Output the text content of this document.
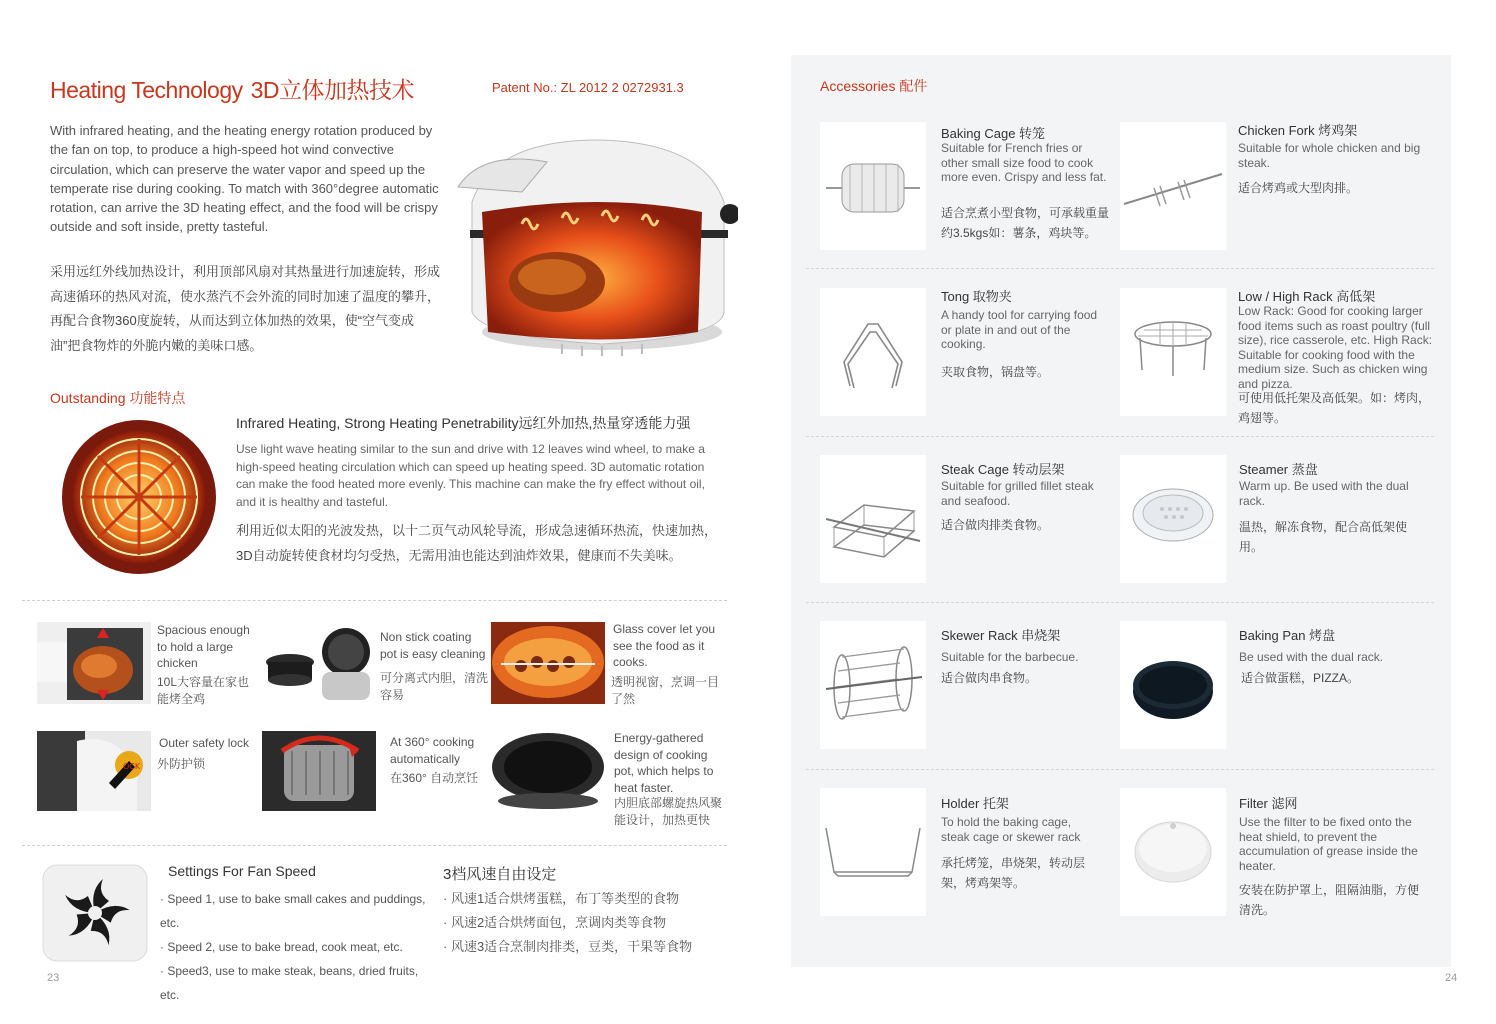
Heating Technology 3D立体加热技术	Patent No.: ZL 2012 2 0272931.3
With infrared heating, and the heating energy rotation produced by the fan on top, to produce a high-speed hot wind convective circulation, which can preserve the water vapor and speed up the temperate rise during cooking. To match with 360°degree automatic rotation, can arrive the 3D heating effect, and the food will be crispy outside and soft inside, pretty tasteful.
采用远红外线加热设计，利用顶部风扇对其热量进行加速旋转，形成高速循环的热风对流，使水蒸汽不会外流的同时加速了温度的攀升，再配合食物360度旋转，从而达到立体加热的效果，使“空气变成油”把食物炸的外脆内嫩的美味口感。
Outstanding 功能特点
Infrared Heating, Strong Heating Penetrability远红外加热,热量穿透能力强
Use light wave heating similar to the sun and drive with 12 leaves wind wheel, to make a high-speed heating circulation which can speed up heating speed. 3D automatic rotation can make the food heated more evenly. This machine can make the fry effect without oil, and it is healthy and tasteful.
利用近似太阳的光波发热，以十二页气动风轮导流，形成急速循环热流，快速加热，3D自动旋转使食材均匀受热，无需用油也能达到油炸效果，健康而不失美味。
Spacious enough to hold a large chicken
10L大容量在家也能烤全鸡
Non stick coating pot is easy cleaning
可分离式内胆，清洗容易
Glass cover let you see the food as it cooks.
透明视窗，烹调一目了然
OCK
Outer safety lock
外防护锁
At 360° cooking automatically
在360° 自动烹饪
Energy-gathered design of cooking pot, which helps to heat faster.
内胆底部螺旋热风聚能设计，加热更快
Settings For Fan Speed	3档风速自由设定
· Speed 1, use to bake small cakes and puddings, etc.
· Speed 2, use to bake bread, cook meat, etc.
· Speed3, use to make steak, beans, dried fruits, etc.
· 风速1适合烘烤蛋糕，布丁等类型的食物
· 风速2适合烘烤面包，烹调肉类等食物
· 风速3适合烹制肉排类，豆类，干果等食物
23
Accessories 配件
Baking Cage 转笼
Suitable for French fries or other small size food to cook more even. Crispy and less fat.
适合烹煮小型食物，可承载重量约3.5kgs如：薯条，鸡块等。
Chicken Fork 烤鸡架
Suitable for whole chicken and big steak.
适合烤鸡或大型肉排。
Tong 取物夹
A handy tool for carrying food or plate in and out of the cooking.
夹取食物，锅盘等。
Low / High Rack 高低架
Low Rack: Good for cooking larger food items such as roast poultry (full size), rice casserole, etc. High Rack: Suitable for cooking food with the medium size. Such as chicken wing and pizza.
可使用低托架及高低架。如：烤肉，鸡翅等。
Steak Cage 转动层架
Suitable for grilled fillet steak and seafood.
适合做肉排类食物。
Steamer 蒸盘
Warm up. Be used with the dual rack.
温热，解冻食物，配合高低架使用。
Skewer Rack 串烧架
Suitable for the barbecue.
适合做肉串食物。
Baking Pan 烤盘
Be used with the dual rack.
适合做蛋糕，PIZZA。
Holder 托架
To hold the baking cage, steak cage or skewer rack
承托烤笼，串烧架，转动层架，烤鸡架等。
Filter 滤网
Use the filter to be fixed onto the heat shield, to prevent the accumulation of grease inside the heater.
安装在防护罩上，阻隔油脂，方便清洗。
24
